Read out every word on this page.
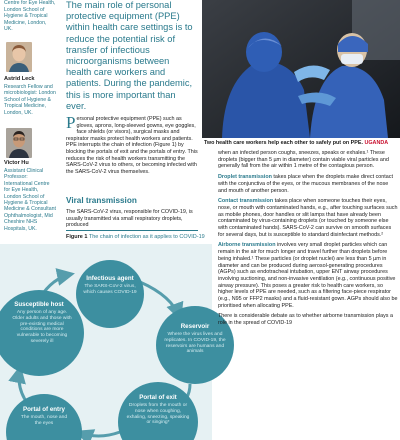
Centre for Eye Health, London School of Hygiene & Tropical Medicine, London, UK.
Astrid Leck
Research Fellow and microbiologist: London School of Hygiene & Tropical Medicine, London, UK.
Victor Hu
Assistant Clinical Professor: International Centre for Eye Health, London School of Hygiene & Tropical Medicine & Consultant Ophthalmologist, Mid Cheshire NHS Hospitals, UK.
The main role of personal protective equipment (PPE) within health care settings is to reduce the potential risk of transfer of infectious microorganisms between health care workers and patients. During the pandemic, this is more important than ever.
Two health care workers help each other to safely put on PPE. UGANDA
Personal protective equipment (PPE) such as gloves, aprons, long-sleeved gowns, eye goggles, face shields (or visors), surgical masks and respirator masks protect health workers and patients. PPE interrupts the chain of infection (Figure 1) by blocking the portals of exit and the portals of entry. This reduces the risk of health workers transmitting the SARS-CoV-2 virus to others, or becoming infected with the SARS-CoV-2 virus themselves.
Viral transmission
The SARS-CoV-2 virus, responsible for COVID-19, is usually transmitted via small respiratory droplets, produced
Figure 1 The chain of infection as it applies to COVID-19
Infectious agent
The SARS-CoV-2 virus, which causes COVID-19
Reservoir
Where the virus lives and replicates. In COVID-19, the reservoirs are humans and animals
Portal of exit
Droplets from the mouth or nose when coughing, exhaling, sneezing, speaking or singing*
Portal of entry
The mouth, nose and the eyes
Susceptible host
Any person of any age. Older adults and those with pre-existing medical conditions are more vulnerable to becoming severely ill

when an infected person coughs, sneezes, speaks or exhales.¹ These droplets (bigger than 5 µm in diameter) contain viable viral particles and generally fall from the air within 1 metre of the contagious person.

Droplet transmission takes place when the droplets make direct contact with the conjunctiva of the eyes, or the mucous membranes of the nose and mouth of another person.

Contact transmission takes place when someone touches their eyes, nose, or mouth with contaminated hands, e.g., after touching surfaces such as mobile phones, door handles or slit lamps that have already been contaminated by virus-containing droplets (or touched by someone else with contaminated hands). SARS-CoV-2 can survive on smooth surfaces for several days, but is susceptible to standard disinfectant methods.²

Airborne transmission involves very small droplet particles which can remain in the air for much longer and travel further than droplets before being inhaled.¹ These particles (or droplet nuclei) are less than 5 µm in diameter and can be produced during aerosol-generating procedures (AGPs) such as endotracheal intubation, upper ENT airway procedures involving suctioning, and non-invasive ventilation (e.g., continuous positive airway pressure). This poses a greater risk to health care workers, so higher levels of PPE are needed, such as a filtering face-piece respirator (e.g., N95 or FFP2 masks) and a fluid-resistant gown. AGPs should also be prioritised when allocating PPE.

There is considerable debate as to whether airborne transmission plays a role in the spread of COVID-19
